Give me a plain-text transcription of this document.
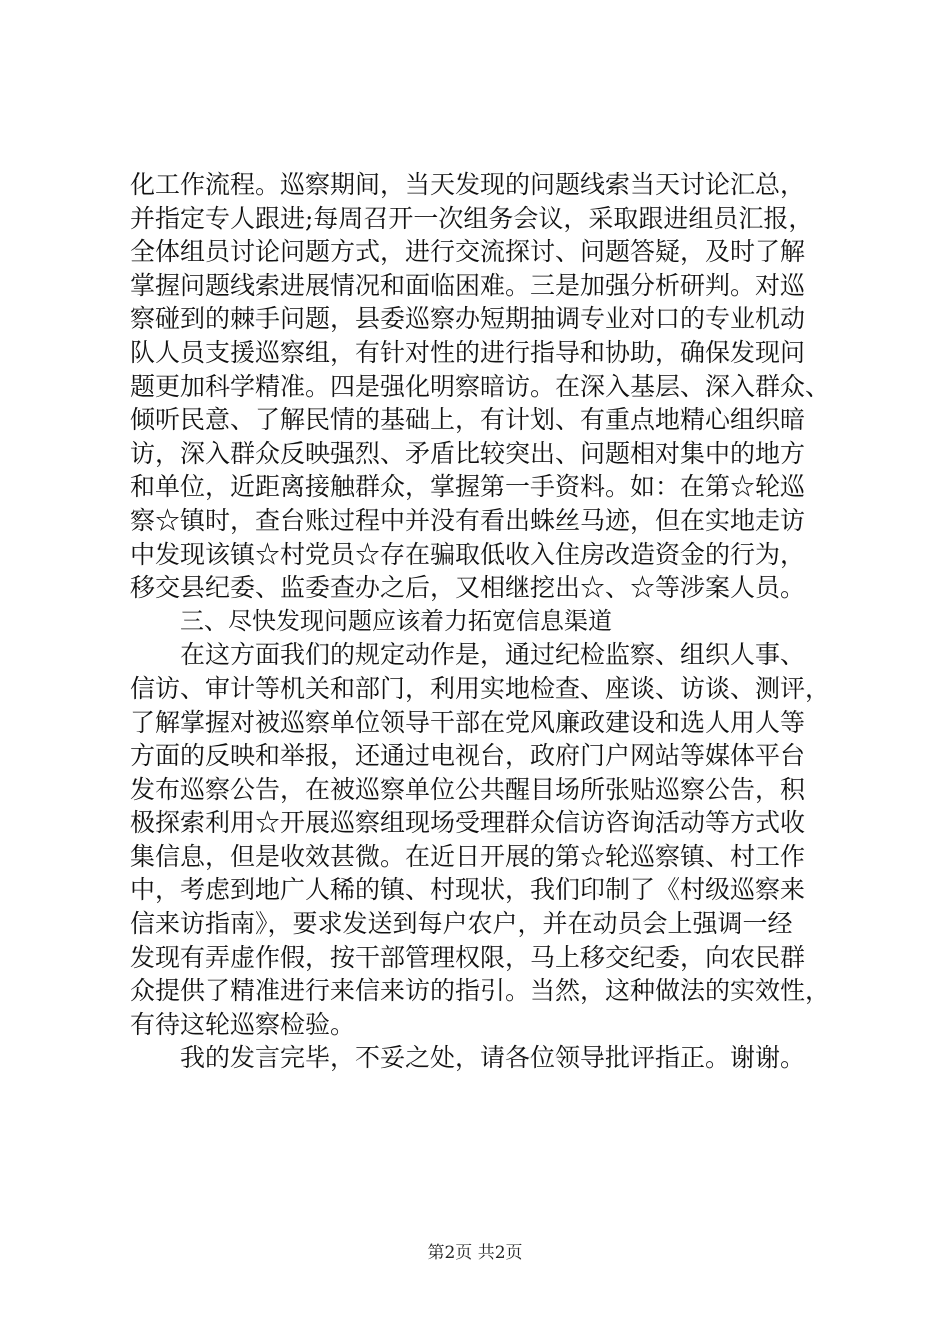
化工作流程。巡察期间，当天发现的问题线索当天讨论汇总，
并指定专人跟进;每周召开一次组务会议，采取跟进组员汇报，
全体组员讨论问题方式，进行交流探讨、问题答疑，及时了解
掌握问题线索进展情况和面临困难。三是加强分析研判。对巡
察碰到的棘手问题，县委巡察办短期抽调专业对口的专业机动
队人员支援巡察组，有针对性的进行指导和协助，确保发现问
题更加科学精准。四是强化明察暗访。在深入基层、深入群众、
倾听民意、了解民情的基础上，有计划、有重点地精心组织暗
访，深入群众反映强烈、矛盾比较突出、问题相对集中的地方
和单位，近距离接触群众，掌握第一手资料。如：在第☆轮巡
察☆镇时，查台账过程中并没有看出蛛丝马迹，但在实地走访
中发现该镇☆村党员☆存在骗取低收入住房改造资金的行为，
移交县纪委、监委查办之后，又相继挖出☆、☆等涉案人员。
三、尽快发现问题应该着力拓宽信息渠道
在这方面我们的规定动作是，通过纪检监察、组织人事、
信访、审计等机关和部门，利用实地检查、座谈、访谈、测评，
了解掌握对被巡察单位领导干部在党风廉政建设和选人用人等
方面的反映和举报，还通过电视台，政府门户网站等媒体平台
发布巡察公告，在被巡察单位公共醒目场所张贴巡察公告，积
极探索利用☆开展巡察组现场受理群众信访咨询活动等方式收
集信息，但是收效甚微。在近日开展的第☆轮巡察镇、村工作
中，考虑到地广人稀的镇、村现状，我们印制了《村级巡察来
信来访指南》，要求发送到每户农户，并在动员会上强调一经
发现有弄虚作假，按干部管理权限，马上移交纪委，向农民群
众提供了精准进行来信来访的指引。当然，这种做法的实效性，
有待这轮巡察检验。
我的发言完毕，不妥之处，请各位领导批评指正。谢谢。
第2页 共2页
